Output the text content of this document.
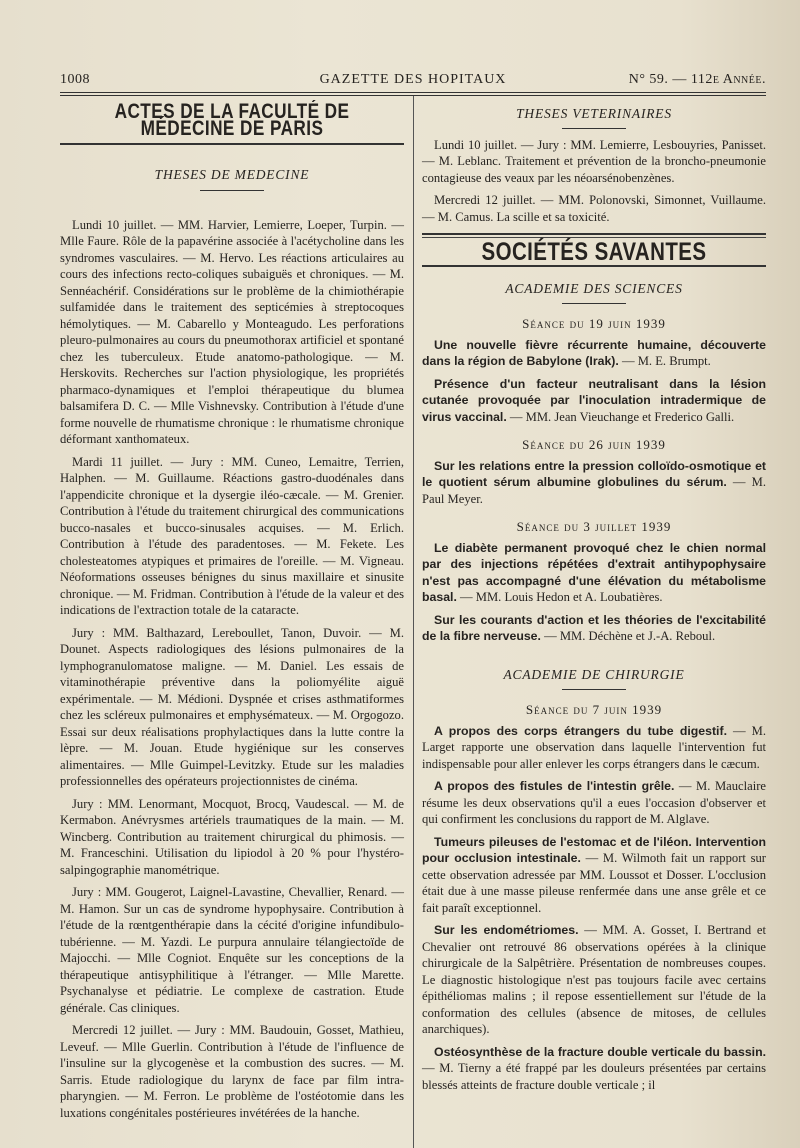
1008	GAZETTE DES HOPITAUX	N° 59. — 112e Année.
ACTES DE LA FACULTÉ DE MÉDECINE DE PARIS
THESES DE MEDECINE

Lundi 10 juillet. — MM. Harvier, Lemierre, Loeper, Turpin. — Mlle Faure. Rôle de la papavérine associée à l'acétycholine dans les syndromes vasculaires. — M. Hervo. Les réactions articulaires au cours des infections recto-coliques subaiguës et chroniques. — M. Sennéachérif. Considérations sur le problème de la chimiothérapie sulfamidée dans le traitement des septicémies à streptocoques hémolytiques. — M. Cabarello y Monteagudo. Les perforations pleuro-pulmonaires au cours du pneumothorax artificiel et spontané chez les tuberculeux. Etude anatomo-pathologique. — M. Herskovits. Recherches sur l'action physiologique, les propriétés pharmaco-dynamiques et l'emploi thérapeutique du blumea balsamifera D. C. — Mlle Vishnevsky. Contribution à l'étude d'une forme nouvelle de rhumatisme chronique : le rhumatisme chronique déformant xanthomateux.

Mardi 11 juillet. — Jury : MM. Cuneo, Lemaitre, Terrien, Halphen. — M. Guillaume. Réactions gastro-duodénales dans l'appendicite chronique et la dysergie iléo-cæcale. — M. Grenier. Contribution à l'étude du traitement chirurgical des communications bucco-nasales et bucco-sinusales acquises. — M. Erlich. Contribution à l'étude des paradentoses. — M. Fekete. Les cholesteatomes atypiques et primaires de l'oreille. — M. Vigneau. Néoformations osseuses bénignes du sinus maxillaire et sinusite chronique. — M. Fridman. Contribution à l'étude de la valeur et des indications de l'extraction totale de la cataracte.

Jury : MM. Balthazard, Lereboullet, Tanon, Duvoir. — M. Dounet. Aspects radiologiques des lésions pulmonaires de la lymphogranulomatose maligne. — M. Daniel. Les essais de vitaminothérapie préventive dans la poliomyélite aiguë expérimentale. — M. Médioni. Dyspnée et crises asthmatiformes chez les scléreux pulmonaires et emphysémateux. — M. Orgogozo. Essai sur deux réalisations prophylactiques dans la lutte contre la lèpre. — M. Jouan. Etude hygiénique sur les conserves alimentaires. — Mlle Guimpel-Levitzky. Etude sur les maladies professionnelles des opérateurs projectionnistes de cinéma.

Jury : MM. Lenormant, Mocquot, Brocq, Vaudescal. — M. de Kermabon. Anévrysmes artériels traumatiques de la main. — M. Wincberg. Contribution au traitement chirurgical du phimosis. — M. Franceschini. Utilisation du lipiodol à 20 % pour l'hystéro-salpingographie manométrique.

Jury : MM. Gougerot, Laignel-Lavastine, Chevallier, Renard. — M. Hamon. Sur un cas de syndrome hypophysaire. Contribution à l'étude de la rœntgenthérapie dans la cécité d'origine infundibulo-tubérienne. — M. Yazdi. Le purpura annulaire télangiectoïde de Majocchi. — Mlle Cogniot. Enquête sur les conceptions de la thérapeutique antisyphilitique à l'étranger. — Mlle Marette. Psychanalyse et pédiatrie. Le complexe de castration. Etude générale. Cas cliniques.

Mercredi 12 juillet. — Jury : MM. Baudouin, Gosset, Mathieu, Leveuf. — Mlle Guerlin. Contribution à l'étude de l'influence de l'insuline sur la glycogenèse et la combustion des sucres. — M. Sarris. Etude radiologique du larynx de face par film intra-pharyngien. — M. Ferron. Le problème de l'ostéotomie dans les luxations congénitales postérieures invétérées de la hanche.

THESES VETERINAIRES

Lundi 10 juillet. — Jury : MM. Lemierre, Lesbouyries, Panisset. — M. Leblanc. Traitement et prévention de la broncho-pneumonie contagieuse des veaux par les néoarsénobenzènes.

Mercredi 12 juillet. — MM. Polonovski, Simonnet, Vuillaume. — M. Camus. La scille et sa toxicité.

SOCIÉTÉS SAVANTES
ACADEMIE DES SCIENCES
Séance du 19 juin 1939

Une nouvelle fièvre récurrente humaine, découverte dans la région de Babylone (Irak). — M. E. Brumpt.

Présence d'un facteur neutralisant dans la lésion cutanée provoquée par l'inoculation intradermique de virus vaccinal. — MM. Jean Vieuchange et Frederico Galli.

Séance du 26 juin 1939

Sur les relations entre la pression colloïdo-osmotique et le quotient sérum albumine globulines du sérum. — M. Paul Meyer.

Séance du 3 juillet 1939

Le diabète permanent provoqué chez le chien normal par des injections répétées d'extrait antihypophysaire n'est pas accompagné d'une élévation du métabolisme basal. — MM. Louis Hedon et A. Loubatières.

Sur les courants d'action et les théories de l'excitabilité de la fibre nerveuse. — MM. Déchène et J.-A. Reboul.

ACADEMIE DE CHIRURGIE
Séance du 7 juin 1939

A propos des corps étrangers du tube digestif. — M. Larget rapporte une observation dans laquelle l'intervention fut indispensable pour aller enlever les corps étrangers dans le cæcum.

A propos des fistules de l'intestin grêle. — M. Mauclaire résume les deux observations qu'il a eues l'occasion d'observer et qui confirment les conclusions du rapport de M. Alglave.

Tumeurs pileuses de l'estomac et de l'iléon. Intervention pour occlusion intestinale. — M. Wilmoth fait un rapport sur cette observation adressée par MM. Loussot et Dosser. L'occlusion était due à une masse pileuse renfermée dans une anse grêle et ce fait paraît exceptionnel.

Sur les endométriomes. — MM. A. Gosset, I. Bertrand et Chevalier ont retrouvé 86 observations opérées à la clinique chirurgicale de la Salpêtrière. Présentation de nombreuses coupes. Le diagnostic histologique n'est pas toujours facile avec certains épithéliomas malins ; il repose essentiellement sur l'étude de la conformation des cellules (absence de mitoses, de cellules anarchiques).

Ostéosynthèse de la fracture double verticale du bassin. — M. Tierny a été frappé par les douleurs présentées par certains blessés atteints de fracture double verticale ; il
